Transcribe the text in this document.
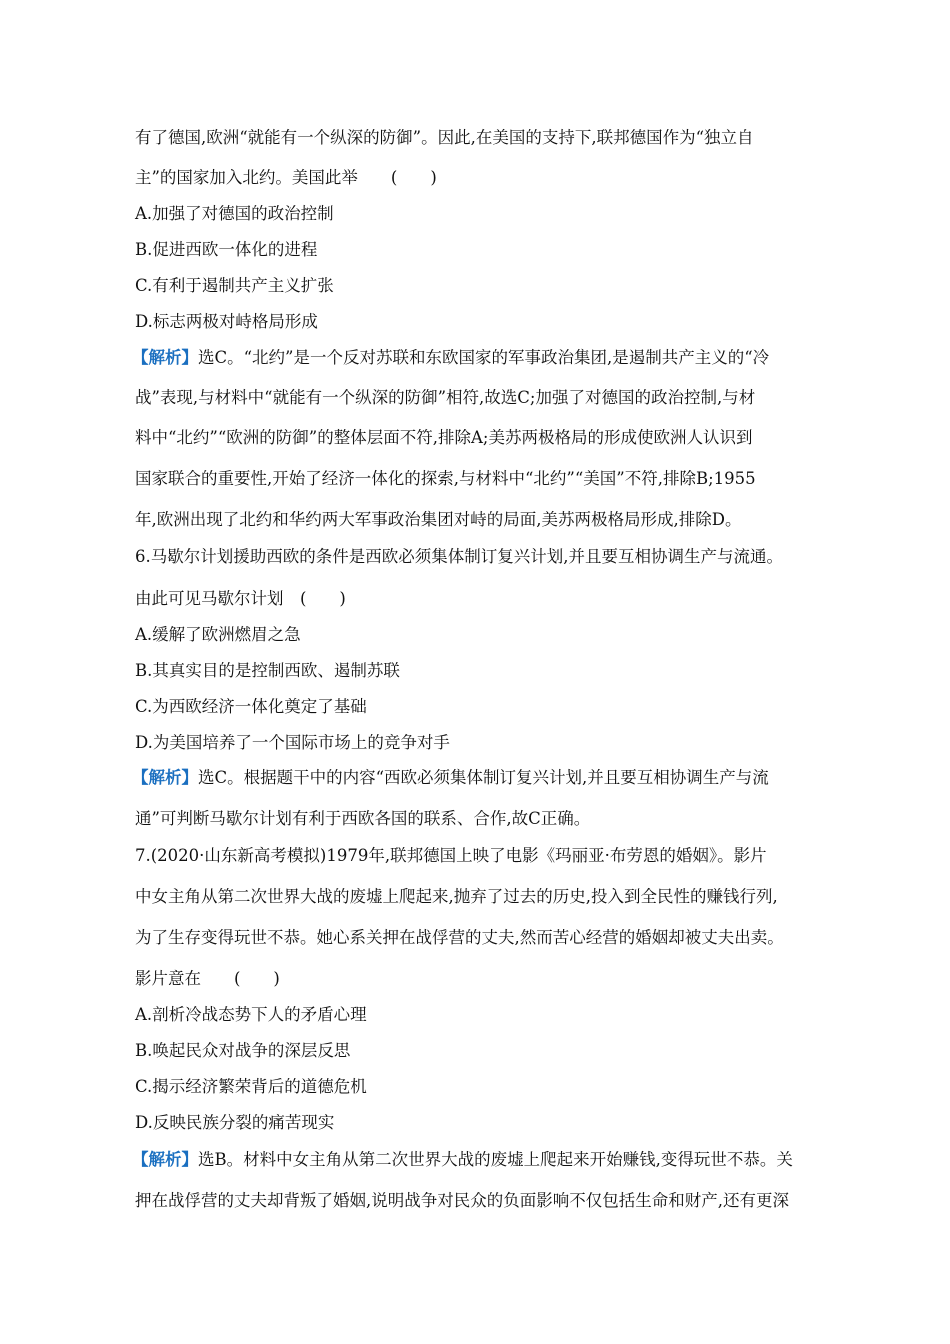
有了德国,欧洲“就能有一个纵深的防御”。因此,在美国的支持下,联邦德国作为“独立自
主”的国家加入北约。美国此举　　(　　)
A.加强了对德国的政治控制
B.促进西欧一体化的进程
C.有利于遏制共产主义扩张
D.标志两极对峙格局形成
【解析】选C。“北约”是一个反对苏联和东欧国家的军事政治集团,是遏制共产主义的“冷
战”表现,与材料中“就能有一个纵深的防御”相符,故选C;加强了对德国的政治控制,与材
料中“北约”“欧洲的防御”的整体层面不符,排除A;美苏两极格局的形成使欧洲人认识到
国家联合的重要性,开始了经济一体化的探索,与材料中“北约”“美国”不符,排除B;1955
年,欧洲出现了北约和华约两大军事政治集团对峙的局面,美苏两极格局形成,排除D。
6.马歇尔计划援助西欧的条件是西欧必须集体制订复兴计划,并且要互相协调生产与流通。
由此可见马歇尔计划　(　　)
A.缓解了欧洲燃眉之急
B.其真实目的是控制西欧、遏制苏联
C.为西欧经济一体化奠定了基础
D.为美国培养了一个国际市场上的竞争对手
【解析】选C。根据题干中的内容“西欧必须集体制订复兴计划,并且要互相协调生产与流
通”可判断马歇尔计划有利于西欧各国的联系、合作,故C正确。
7.(2020·山东新高考模拟)1979年,联邦德国上映了电影《玛丽亚·布劳恩的婚姻》。影片
中女主角从第二次世界大战的废墟上爬起来,抛弃了过去的历史,投入到全民性的赚钱行列,
为了生存变得玩世不恭。她心系关押在战俘营的丈夫,然而苦心经营的婚姻却被丈夫出卖。
影片意在　　(　　)
A.剖析冷战态势下人的矛盾心理
B.唤起民众对战争的深层反思
C.揭示经济繁荣背后的道德危机
D.反映民族分裂的痛苦现实
【解析】选B。材料中女主角从第二次世界大战的废墟上爬起来开始赚钱,变得玩世不恭。关
押在战俘营的丈夫却背叛了婚姻,说明战争对民众的负面影响不仅包括生命和财产,还有更深
